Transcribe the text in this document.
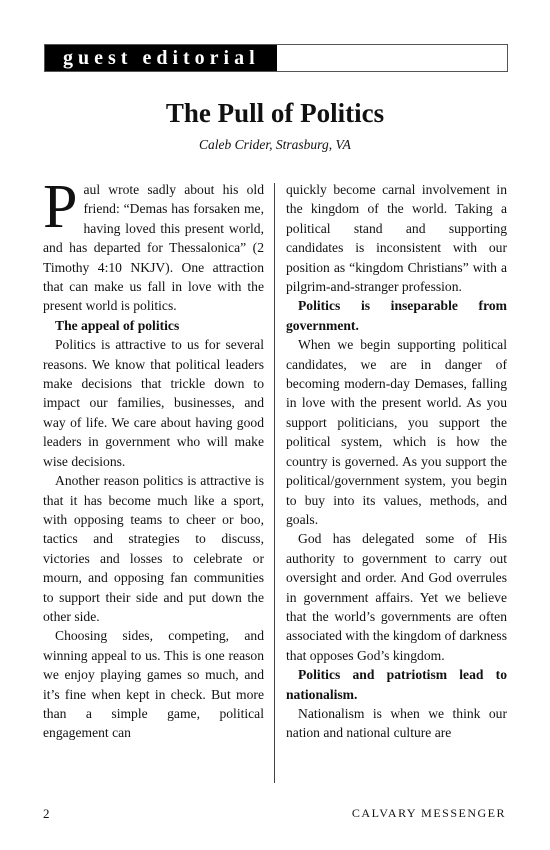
guest editorial
The Pull of Politics

Caleb Crider, Strasburg, VA

Paul wrote sadly about his old friend: “Demas has forsaken me, having loved this present world, and has departed for Thessalonica” (2 Timothy 4:10 NKJV). One attraction that can make us fall in love with the present world is politics.

The appeal of politics

Politics is attractive to us for several reasons. We know that political leaders make decisions that trickle down to impact our families, businesses, and way of life. We care about having good leaders in government who will make wise decisions.

Another reason politics is attractive is that it has become much like a sport, with opposing teams to cheer or boo, tactics and strategies to discuss, victories and losses to celebrate or mourn, and opposing fan communities to support their side and put down the other side.

Choosing sides, competing, and winning appeal to us. This is one reason we enjoy playing games so much, and it’s fine when kept in check. But more than a simple game, political engagement can

quickly become carnal involvement in the kingdom of the world. Taking a political stand and supporting candidates is inconsistent with our position as “kingdom Christians” with a pilgrim-and-stranger profession.

Politics is inseparable from government.

When we begin supporting political candidates, we are in danger of becoming modern-day Demases, falling in love with the present world. As you support politicians, you support the political system, which is how the country is governed. As you support the political/government system, you begin to buy into its values, methods, and goals.

God has delegated some of His authority to government to carry out oversight and order. And God overrules in government affairs. Yet we believe that the world’s governments are often associated with the kingdom of darkness that opposes God’s kingdom.

Politics and patriotism lead to nationalism.

Nationalism is when we think our nation and national culture are

2	CALVARY MESSENGER
